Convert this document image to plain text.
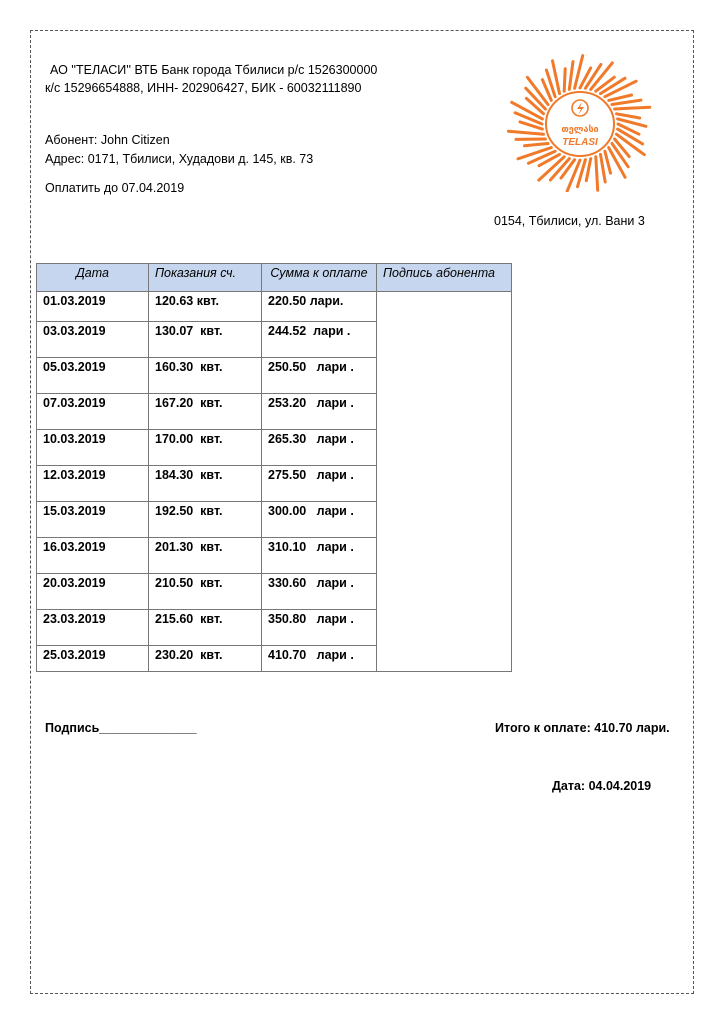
АО ''ТЕЛАСИ'' ВТБ Банк города Тбилиси р/с 1526300000
к/с 15296654888, ИНН- 202906427, БИК - 60032111890
Абонент: John Citizen
Адрес: 0171, Тбилиси, Худадови д. 145, кв. 73
Оплатить до 07.04.2019
0154, Тбилиси, ул. Вани 3
თელასი
TELASI
Дата	Показания сч.	Сумма к оплате	Подпись абонента
01.03.2019	120.63 квт.	220.50 лари.	
03.03.2019	130.07  квт.	244.52  лари .	
05.03.2019	160.30  квт.	250.50   лари .	
07.03.2019	167.20  квт.	253.20   лари .	
10.03.2019	170.00  квт.	265.30   лари .	
12.03.2019	184.30  квт.	275.50   лари .	
15.03.2019	192.50  квт.	300.00   лари .	
16.03.2019	201.30  квт.	310.10   лари .	
20.03.2019	210.50  квт.	330.60   лари .	
23.03.2019	215.60  квт.	350.80   лари .	
25.03.2019	230.20  квт.	410.70   лари .	
Подпись______________	Итого к оплате: 410.70 лари.
Дата: 04.04.2019
